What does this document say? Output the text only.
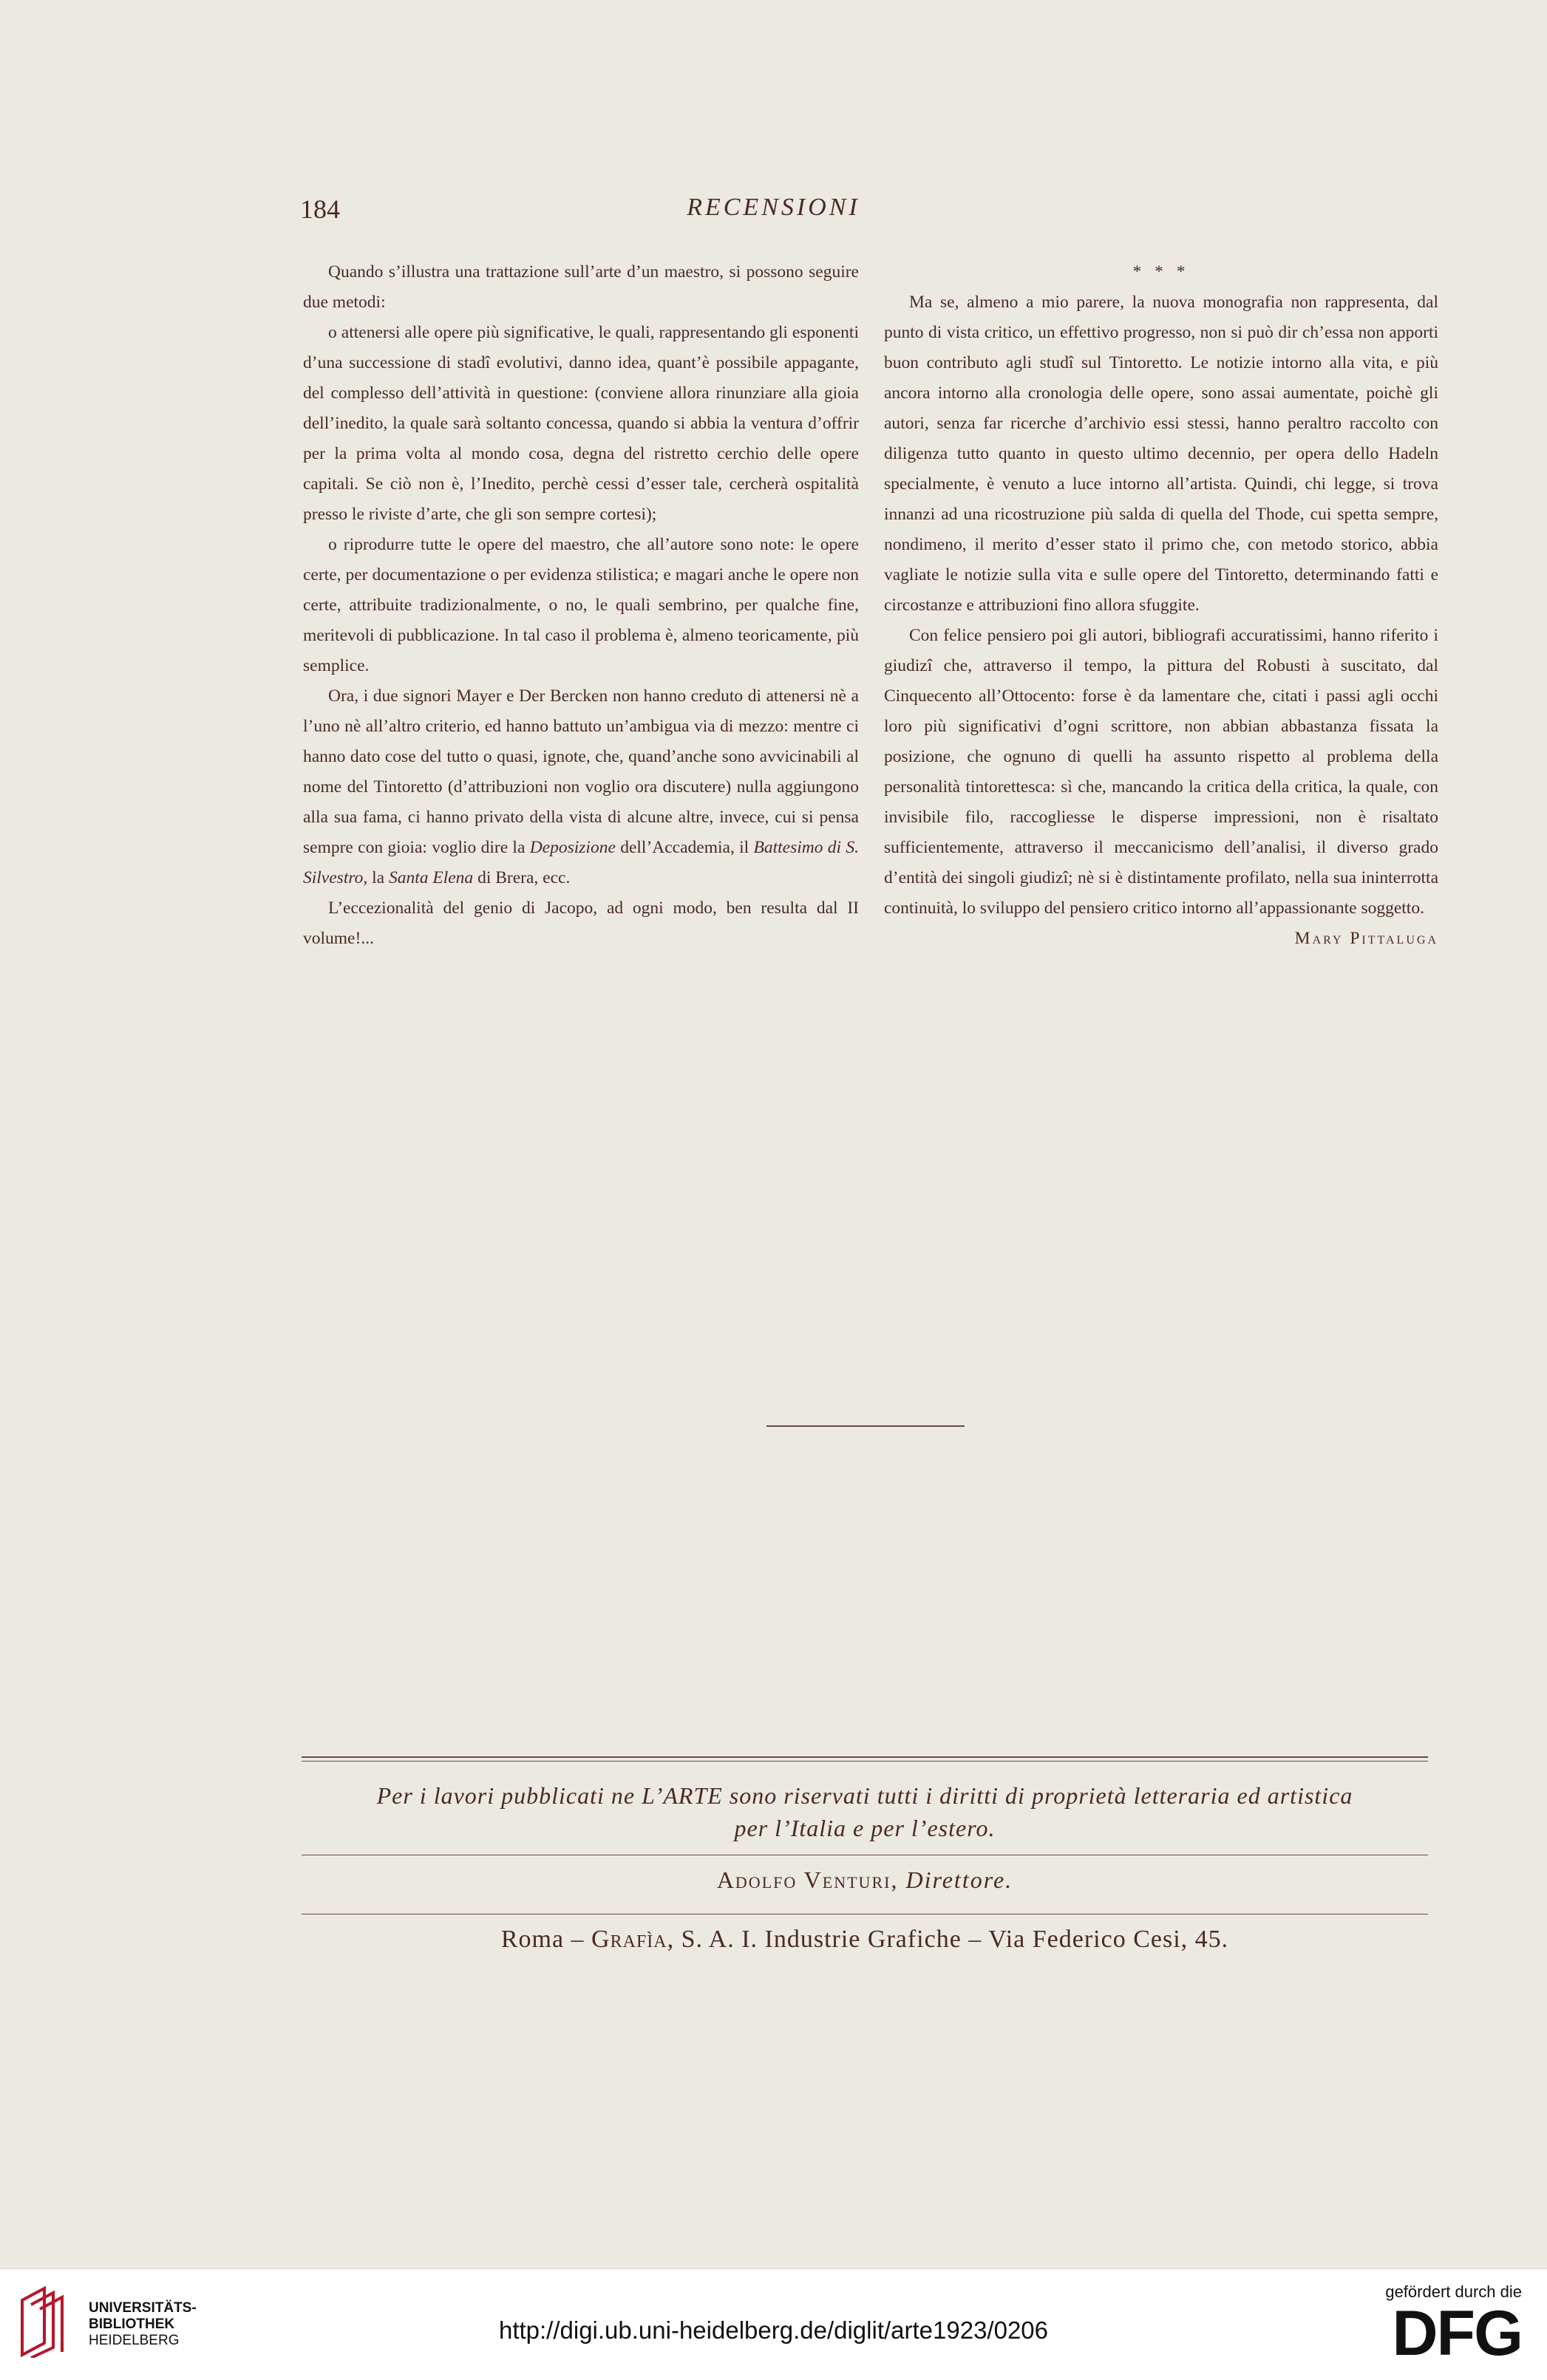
184	RECENSIONI

Quando s’illustra una trattazione sull’arte d’un maestro, si possono seguire due metodi:

o attenersi alle opere più significative, le quali, rappresentando gli esponenti d’una successione di stadî evolutivi, danno idea, quant’è possibile appagante, del complesso dell’attività in questione: (conviene allora rinunziare alla gioia dell’inedito, la quale sarà soltanto concessa, quando si abbia la ventura d’offrir per la prima volta al mondo cosa, degna del ristretto cerchio delle opere capitali. Se ciò non è, l’Inedito, perchè cessi d’esser tale, cercherà ospitalità presso le riviste d’arte, che gli son sempre cortesi);

o riprodurre tutte le opere del maestro, che all’autore sono note: le opere certe, per documentazione o per evidenza stilistica; e magari anche le opere non certe, attribuite tradizionalmente, o no, le quali sembrino, per qualche fine, meritevoli di pubblicazione. In tal caso il problema è, almeno teoricamente, più semplice.

Ora, i due signori Mayer e Der Bercken non hanno creduto di attenersi nè a l’uno nè all’altro criterio, ed hanno battuto un’ambigua via di mezzo: mentre ci hanno dato cose del tutto o quasi, ignote, che, quand’anche sono avvicinabili al nome del Tintoretto (d’attribuzioni non voglio ora discutere) nulla aggiungono alla sua fama, ci hanno privato della vista di alcune altre, invece, cui si pensa sempre con gioia: voglio dire la Deposizione dell’Accademia, il Battesimo di S. Silvestro, la Santa Elena di Brera, ecc.

L’eccezionalità del genio di Jacopo, ad ogni modo, ben resulta dal II volume!...

* * *

Ma se, almeno a mio parere, la nuova monografia non rappresenta, dal punto di vista critico, un effettivo progresso, non si può dir ch’essa non apporti buon contributo agli studî sul Tintoretto. Le notizie intorno alla vita, e più ancora intorno alla cronologia delle opere, sono assai aumentate, poichè gli autori, senza far ricerche d’archivio essi stessi, hanno peraltro raccolto con diligenza tutto quanto in questo ultimo decennio, per opera dello Hadeln specialmente, è venuto a luce intorno all’artista. Quindi, chi legge, si trova innanzi ad una ricostruzione più salda di quella del Thode, cui spetta sempre, nondimeno, il merito d’esser stato il primo che, con metodo storico, abbia vagliate le notizie sulla vita e sulle opere del Tintoretto, determinando fatti e circostanze e attribuzioni fino allora sfuggite.

Con felice pensiero poi gli autori, bibliografi accuratissimi, hanno riferito i giudizî che, attraverso il tempo, la pittura del Robusti à suscitato, dal Cinquecento all’Ottocento: forse è da lamentare che, citati i passi agli occhi loro più significativi d’ogni scrittore, non abbian abbastanza fissata la posizione, che ognuno di quelli ha assunto rispetto al problema della personalità tintorettesca: sì che, mancando la critica della critica, la quale, con invisibile filo, raccogliesse le disperse impressioni, non è risaltato sufficientemente, attraverso il meccanicismo dell’analisi, il diverso grado d’entità dei singoli giudizî; nè si è distintamente profilato, nella sua ininterrotta continuità, lo sviluppo del pensiero critico intorno all’appassionante soggetto.

Mary Pittaluga

Per i lavori pubblicati ne L’ARTE sono riservati tutti i diritti di proprietà letteraria ed artistica
per l’Italia e per l’estero.
Adolfo Venturi, Direttore.
Roma – Grafìa, S. A. I. Industrie Grafiche – Via Federico Cesi, 45.
UNIVERSITÄTS-
BIBLIOTHEK
HEIDELBERG	http://digi.ub.uni-heidelberg.de/diglit/arte1923/0206
gefördert durch die
DFG
